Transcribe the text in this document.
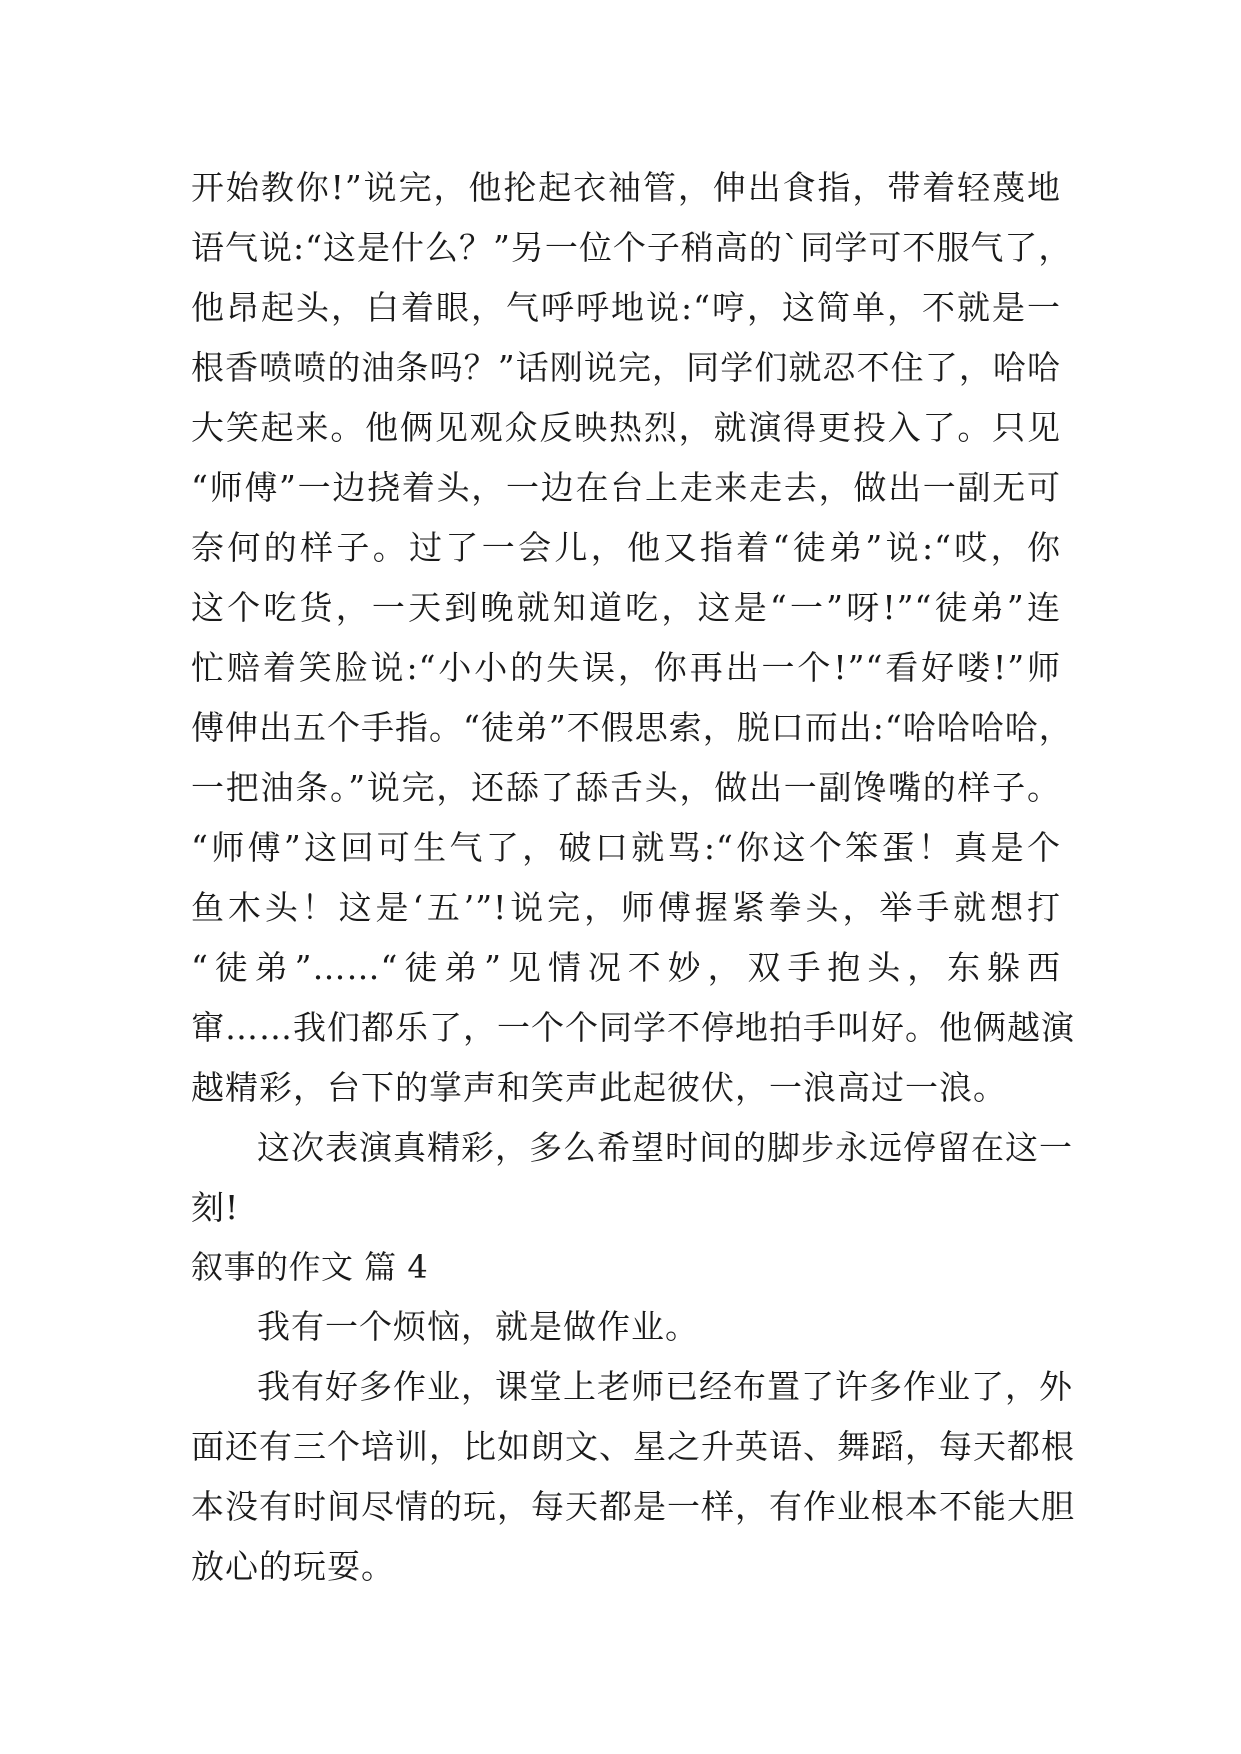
开始教你!”说完，他抡起衣袖管，伸出食指，带着轻蔑地

语气说:“这是什么？”另一位个子稍高的`同学可不服气了，

他昂起头，白着眼，气呼呼地说:“哼，这简单，不就是一

根香喷喷的油条吗？”话刚说完，同学们就忍不住了，哈哈

大笑起来。他俩见观众反映热烈，就演得更投入了。只见

“师傅”一边挠着头，一边在台上走来走去，做出一副无可

奈何的样子。过了一会儿，他又指着“徒弟”说:“哎，你

这个吃货，一天到晚就知道吃，这是“一”呀!”“徒弟”连

忙赔着笑脸说:“小小的失误，你再出一个!”“看好喽!”师

傅伸出五个手指。“徒弟”不假思索，脱口而出:“哈哈哈哈，

一把油条。”说完，还舔了舔舌头，做出一副馋嘴的样子。

“师傅”这回可生气了，破口就骂:“你这个笨蛋！真是个

鱼木头！这是‘五’”!说完，师傅握紧拳头，举手就想打

“徒弟”……“徒弟”见情况不妙，双手抱头，东躲西

窜……我们都乐了，一个个同学不停地拍手叫好。他俩越演

越精彩，台下的掌声和笑声此起彼伏，一浪高过一浪。

这次表演真精彩，多么希望时间的脚步永远停留在这一

刻!

叙事的作文 篇 4

我有一个烦恼，就是做作业。

我有好多作业，课堂上老师已经布置了许多作业了，外

面还有三个培训，比如朗文、星之升英语、舞蹈，每天都根

本没有时间尽情的玩，每天都是一样，有作业根本不能大胆

放心的玩耍。
